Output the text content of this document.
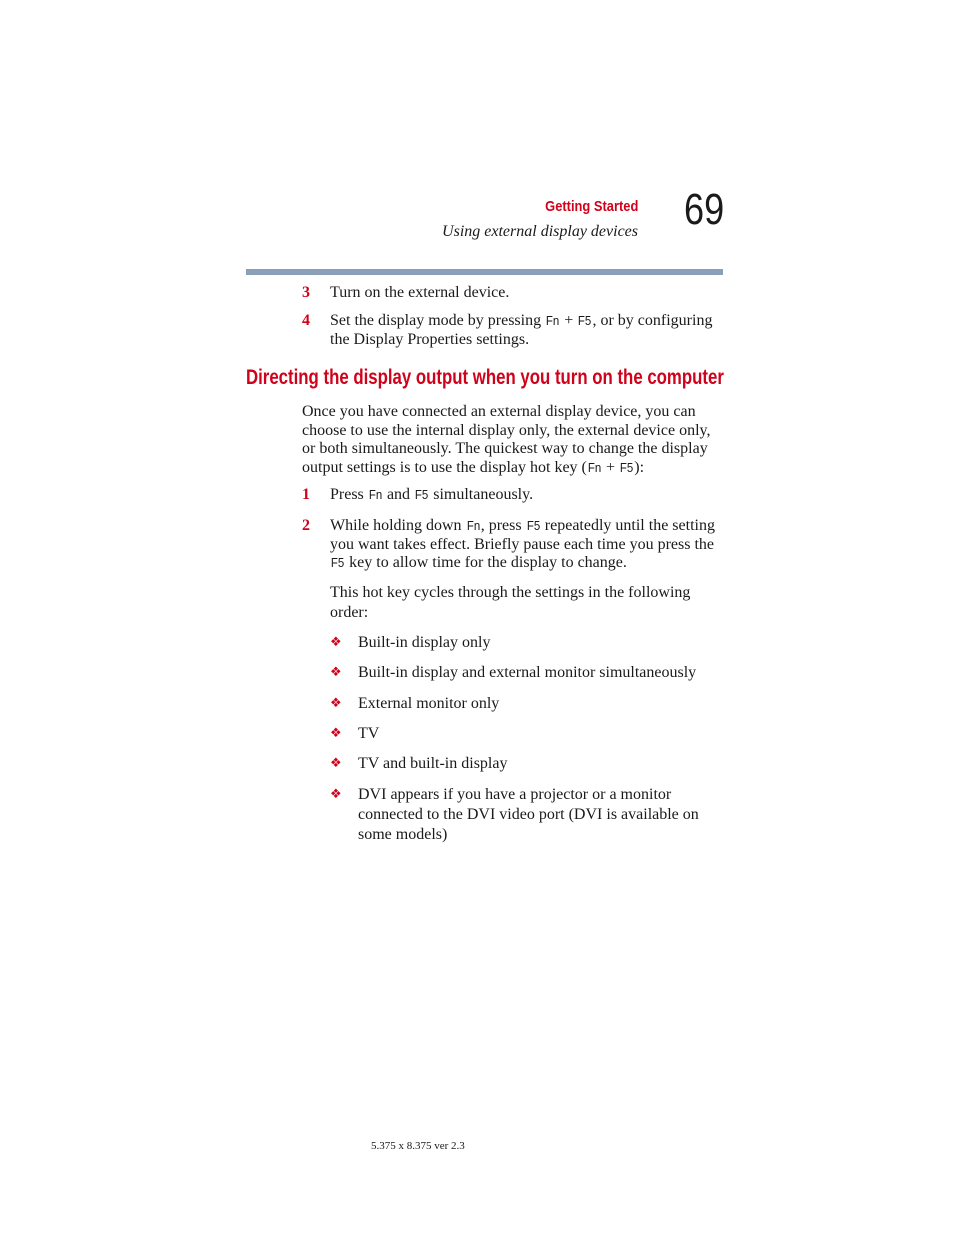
Getting Started
Using external display devices 69
3 Turn on the external device.
4 Set the display mode by pressing Fn + F5, or by configuring the Display Properties settings.
Directing the display output when you turn on the computer
Once you have connected an external display device, you can choose to use the internal display only, the external device only, or both simultaneously. The quickest way to change the display output settings is to use the display hot key (Fn + F5):
1 Press Fn and F5 simultaneously.
2 While holding down Fn, press F5 repeatedly until the setting you want takes effect. Briefly pause each time you press the F5 key to allow time for the display to change.
This hot key cycles through the settings in the following order:
❖ Built-in display only
❖ Built-in display and external monitor simultaneously
❖ External monitor only
❖ TV
❖ TV and built-in display
❖ DVI appears if you have a projector or a monitor connected to the DVI video port (DVI is available on some models)
5.375 x 8.375 ver 2.3
